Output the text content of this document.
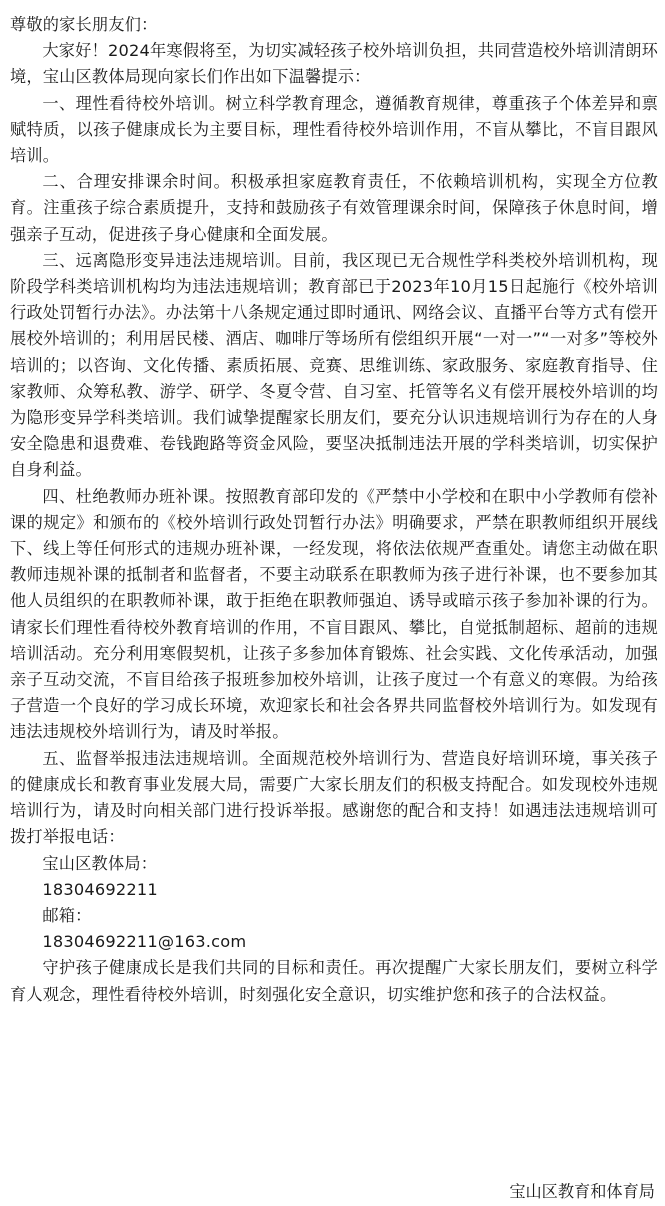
尊敬的家长朋友们：

大家好！2024年寒假将至，为切实减轻孩子校外培训负担，共同营造校外培训清朗环境，宝山区教体局现向家长们作出如下温馨提示：

一、理性看待校外培训。树立科学教育理念，遵循教育规律，尊重孩子个体差异和禀赋特质，以孩子健康成长为主要目标，理性看待校外培训作用，不盲从攀比，不盲目跟风培训。

二、合理安排课余时间。积极承担家庭教育责任，不依赖培训机构，实现全方位教育。注重孩子综合素质提升，支持和鼓励孩子有效管理课余时间，保障孩子休息时间，增强亲子互动，促进孩子身心健康和全面发展。

三、远离隐形变异违法违规培训。目前，我区现已无合规性学科类校外培训机构，现阶段学科类培训机构均为违法违规培训；教育部已于2023年10月15日起施行《校外培训行政处罚暂行办法》。办法第十八条规定通过即时通讯、网络会议、直播平台等方式有偿开展校外培训的；利用居民楼、酒店、咖啡厅等场所有偿组织开展“一对一”“一对多”等校外培训的；以咨询、文化传播、素质拓展、竞赛、思维训练、家政服务、家庭教育指导、住家教师、众筹私教、游学、研学、冬夏令营、自习室、托管等名义有偿开展校外培训的均为隐形变异学科类培训。我们诚挚提醒家长朋友们，要充分认识违规培训行为存在的人身安全隐患和退费难、卷钱跑路等资金风险，要坚决抵制违法开展的学科类培训，切实保护自身利益。

四、杜绝教师办班补课。按照教育部印发的《严禁中小学校和在职中小学教师有偿补课的规定》和颁布的《校外培训行政处罚暂行办法》明确要求，严禁在职教师组织开展线下、线上等任何形式的违规办班补课，一经发现，将依法依规严查重处。请您主动做在职教师违规补课的抵制者和监督者，不要主动联系在职教师为孩子进行补课，也不要参加其他人员组织的在职教师补课，敢于拒绝在职教师强迫、诱导或暗示孩子参加补课的行为。请家长们理性看待校外教育培训的作用，不盲目跟风、攀比，自觉抵制超标、超前的违规培训活动。充分利用寒假契机，让孩子多参加体育锻炼、社会实践、文化传承活动，加强亲子互动交流，不盲目给孩子报班参加校外培训，让孩子度过一个有意义的寒假。为给孩子营造一个良好的学习成长环境，欢迎家长和社会各界共同监督校外培训行为。如发现有违法违规校外培训行为，请及时举报。

五、监督举报违法违规培训。全面规范校外培训行为、营造良好培训环境，事关孩子的健康成长和教育事业发展大局，需要广大家长朋友们的积极支持配合。如发现校外违规培训行为，请及时向相关部门进行投诉举报。感谢您的配合和支持！如遇违法违规培训可拨打举报电话：

宝山区教体局：

18304692211

邮箱：

18304692211@163.com

守护孩子健康成长是我们共同的目标和责任。再次提醒广大家长朋友们，要树立科学育人观念，理性看待校外培训，时刻强化安全意识，切实维护您和孩子的合法权益。

宝山区教育和体育局
